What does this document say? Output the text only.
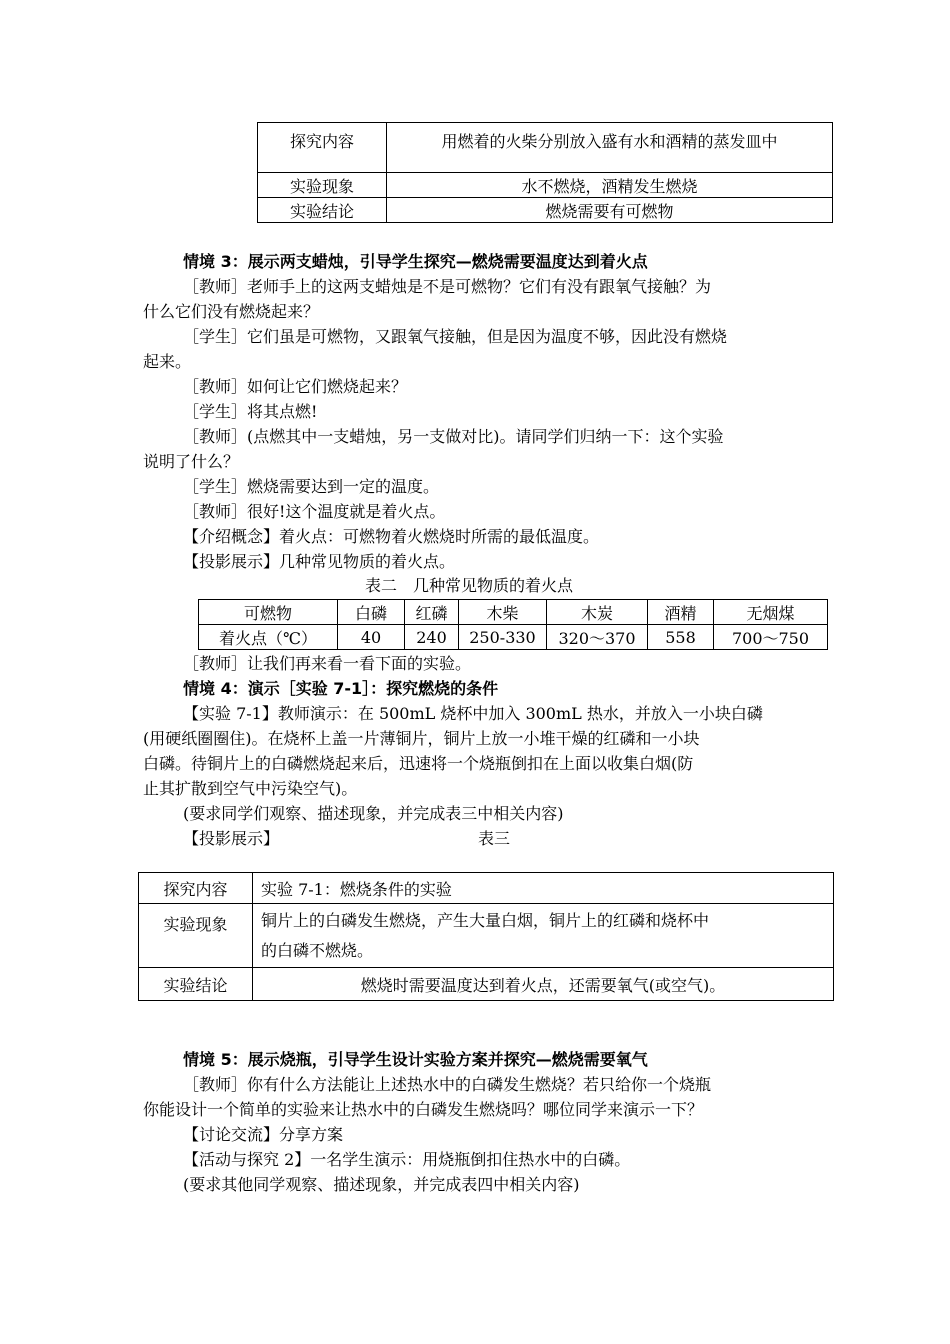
探究内容	用燃着的火柴分别放入盛有水和酒精的蒸发皿中
实验现象	水不燃烧，酒精发生燃烧
实验结论	燃烧需要有可燃物
情境 3：展示两支蜡烛，引导学生探究—燃烧需要温度达到着火点
［教师］老师手上的这两支蜡烛是不是可燃物？它们有没有跟氧气接触？为
什么它们没有燃烧起来？
［学生］它们虽是可燃物，又跟氧气接触，但是因为温度不够，因此没有燃烧
起来。
［教师］如何让它们燃烧起来？
［学生］将其点燃!
［教师］(点燃其中一支蜡烛，另一支做对比)。请同学们归纳一下：这个实验
说明了什么？
［学生］燃烧需要达到一定的温度。
［教师］很好!这个温度就是着火点。
【介绍概念】着火点：可燃物着火燃烧时所需的最低温度。
【投影展示】几种常见物质的着火点。
表二　几种常见物质的着火点
可燃物	白磷	红磷	木柴	木炭	酒精	无烟煤
着火点（℃）	40	240	250-330	320～370	558	700～750
［教师］让我们再来看一看下面的实验。
情境 4：演示［实验 7-1］：探究燃烧的条件
【实验 7-1】教师演示：在 500mL 烧杯中加入 300mL 热水，并放入一小块白磷
(用硬纸圈圈住)。在烧杯上盖一片薄铜片，铜片上放一小堆干燥的红磷和一小块
白磷。待铜片上的白磷燃烧起来后，迅速将一个烧瓶倒扣在上面以收集白烟(防
止其扩散到空气中污染空气)。
(要求同学们观察、描述现象，并完成表三中相关内容)
【投影展示】	表三
探究内容	实验 7-1：燃烧条件的实验
实验现象	铜片上的白磷发生燃烧，产生大量白烟，铜片上的红磷和烧杯中
的白磷不燃烧。

实验结论	燃烧时需要温度达到着火点，还需要氧气(或空气)。
情境 5：展示烧瓶，引导学生设计实验方案并探究—燃烧需要氧气
［教师］你有什么方法能让上述热水中的白磷发生燃烧？若只给你一个烧瓶
你能设计一个简单的实验来让热水中的白磷发生燃烧吗？哪位同学来演示一下？
【讨论交流】分享方案
【活动与探究 2】一名学生演示：用烧瓶倒扣住热水中的白磷。
(要求其他同学观察、描述现象，并完成表四中相关内容)
